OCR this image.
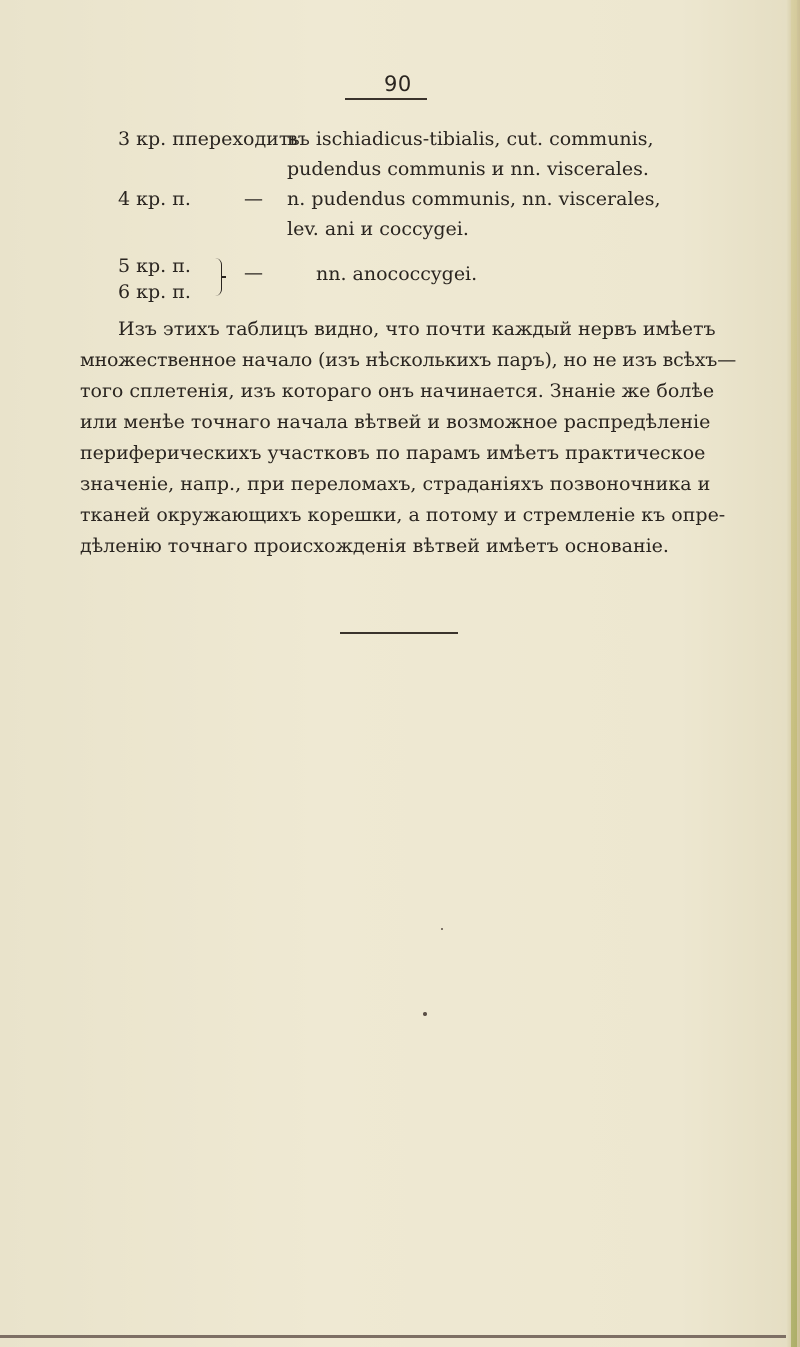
90
3 кр. п.
переходить
въ ischiadicus-tibialis, cut. communis,
pudendus communis и nn. viscerales.
4 кр. п.	— n. pudendus communis, nn. viscerales,
lev. ani и coccygei.
5 кр. п.
6 кр. п.
—	nn. anococcygei.
Изъ этихъ таблицъ видно, что почти каждый нервъ имѣетъ
множественное начало (изъ нѣсколькихъ паръ), но не изъ всѣхъ—
того сплетенія, изъ котораго онъ начинается. Знаніе же болѣе
или менѣе точнаго начала вѣтвей и возможное распредѣленіе
периферическихъ участковъ по парамъ имѣетъ практическое
значеніе, напр., при переломахъ, страданіяхъ позвоночника и
тканей окружающихъ корешки, а потому и стремленіе къ опре-
дѣленію точнаго происхожденія вѣтвей имѣетъ основаніе.
